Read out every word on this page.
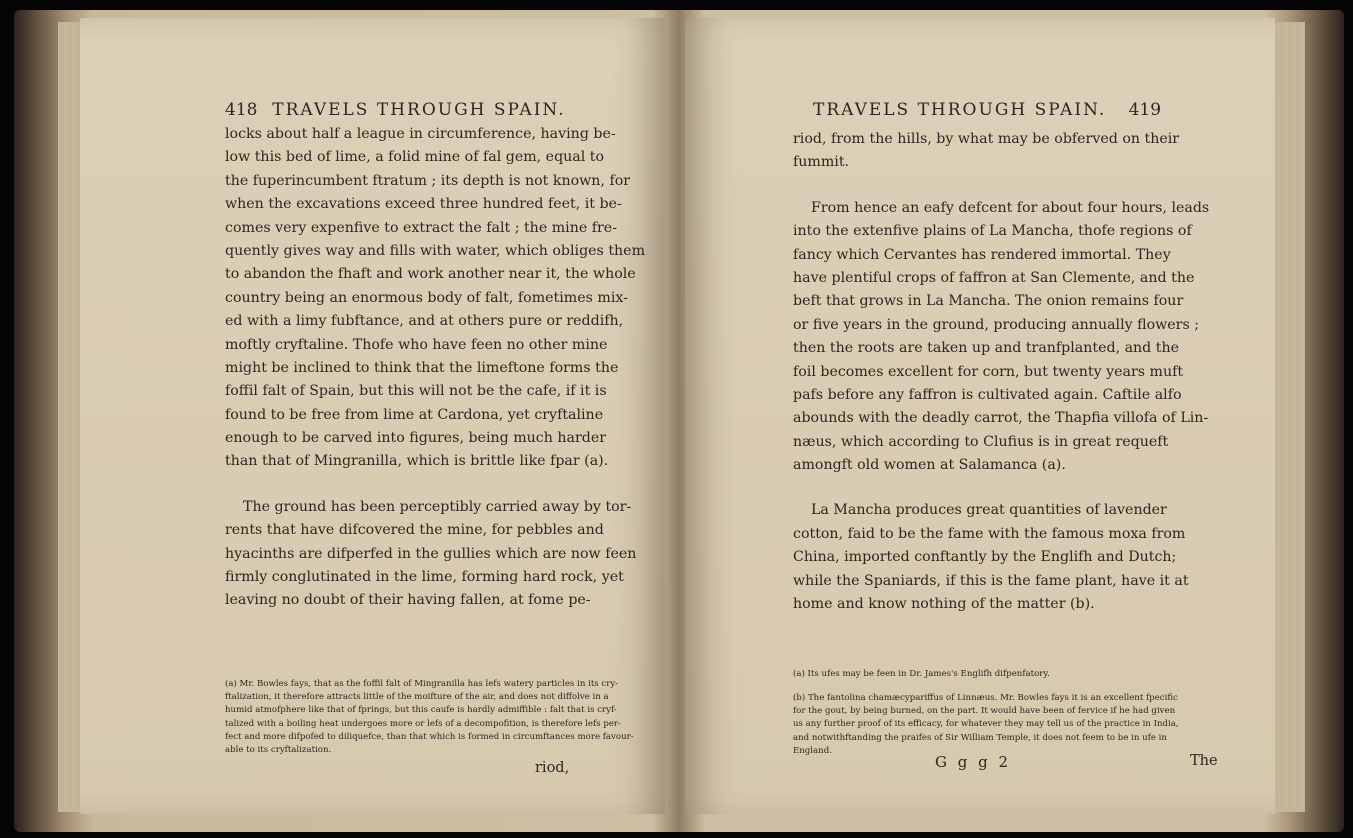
418 TRAVELS THROUGH SPAIN.
locks about half a league in circumference, having be-
low this bed of lime, a folid mine of fal gem, equal to
the fuperincumbent ftratum ; its depth is not known, for
when the excavations exceed three hundred feet, it be-
comes very expenfive to extract the falt ; the mine fre-
quently gives way and fills with water, which obliges them
to abandon the fhaft and work another near it, the whole
country being an enormous body of falt, fometimes mix-
ed with a limy fubftance, and at others pure or reddifh,
moftly cryftaline. Thofe who have feen no other mine
might be inclined to think that the limeftone forms the
foffil falt of Spain, but this will not be the cafe, if it is
found to be free from lime at Cardona, yet cryftaline
enough to be carved into figures, being much harder
than that of Mingranilla, which is brittle like fpar (a).
The ground has been perceptibly carried away by tor-
rents that have difcovered the mine, for pebbles and
hyacinths are difperfed in the gullies which are now feen
firmly conglutinated in the lime, forming hard rock, yet
leaving no doubt of their having fallen, at fome pe-
(a) Mr. Bowles fays, that as the foffil falt of Mingranilla has lefs watery particles in its cry-
ftalization, it therefore attracts little of the moifture of the air, and does not diffolve in a
humid atmofphere like that of fprings, but this caufe is hardly admiffible : falt that is cryf-
talized with a boiling heat undergoes more or lefs of a decompofition, is therefore lefs per-
fect and more difpofed to diliquefce, than that which is formed in circumftances more favour-
able to its cryftalization.
riod,
TRAVELS THROUGH SPAIN. 419
riod, from the hills, by what may be obferved on their
fummit.
From hence an eafy defcent for about four hours, leads
into the extenfive plains of La Mancha, thofe regions of
fancy which Cervantes has rendered immortal. They
have plentiful crops of faffron at San Clemente, and the
beft that grows in La Mancha. The onion remains four
or five years in the ground, producing annually flowers ;
then the roots are taken up and tranfplanted, and the
foil becomes excellent for corn, but twenty years muft
pafs before any faffron is cultivated again. Caftile alfo
abounds with the deadly carrot, the Thapfia villofa of Lin-
næus, which according to Clufius is in great requeft
amongft old women at Salamanca (a).
La Mancha produces great quantities of lavender
cotton, faid to be the fame with the famous moxa from
China, imported conftantly by the Englifh and Dutch;
while the Spaniards, if this is the fame plant, have it at
home and know nothing of the matter (b).
(a) Its ufes may be feen in Dr. James's Englifh difpenfatory.
(b) The fantolina chamæcypariffus of Linnæus. Mr. Bowles fays it is an excellent fpecific
for the gout, by being burned, on the part. It would have been of fervice if he had given
us any further proof of its efficacy, for whatever they may tell us of the practice in India,
and notwithftanding the praifes of Sir William Temple, it does not feem to be in ufe in
England.
G g g 2	The
